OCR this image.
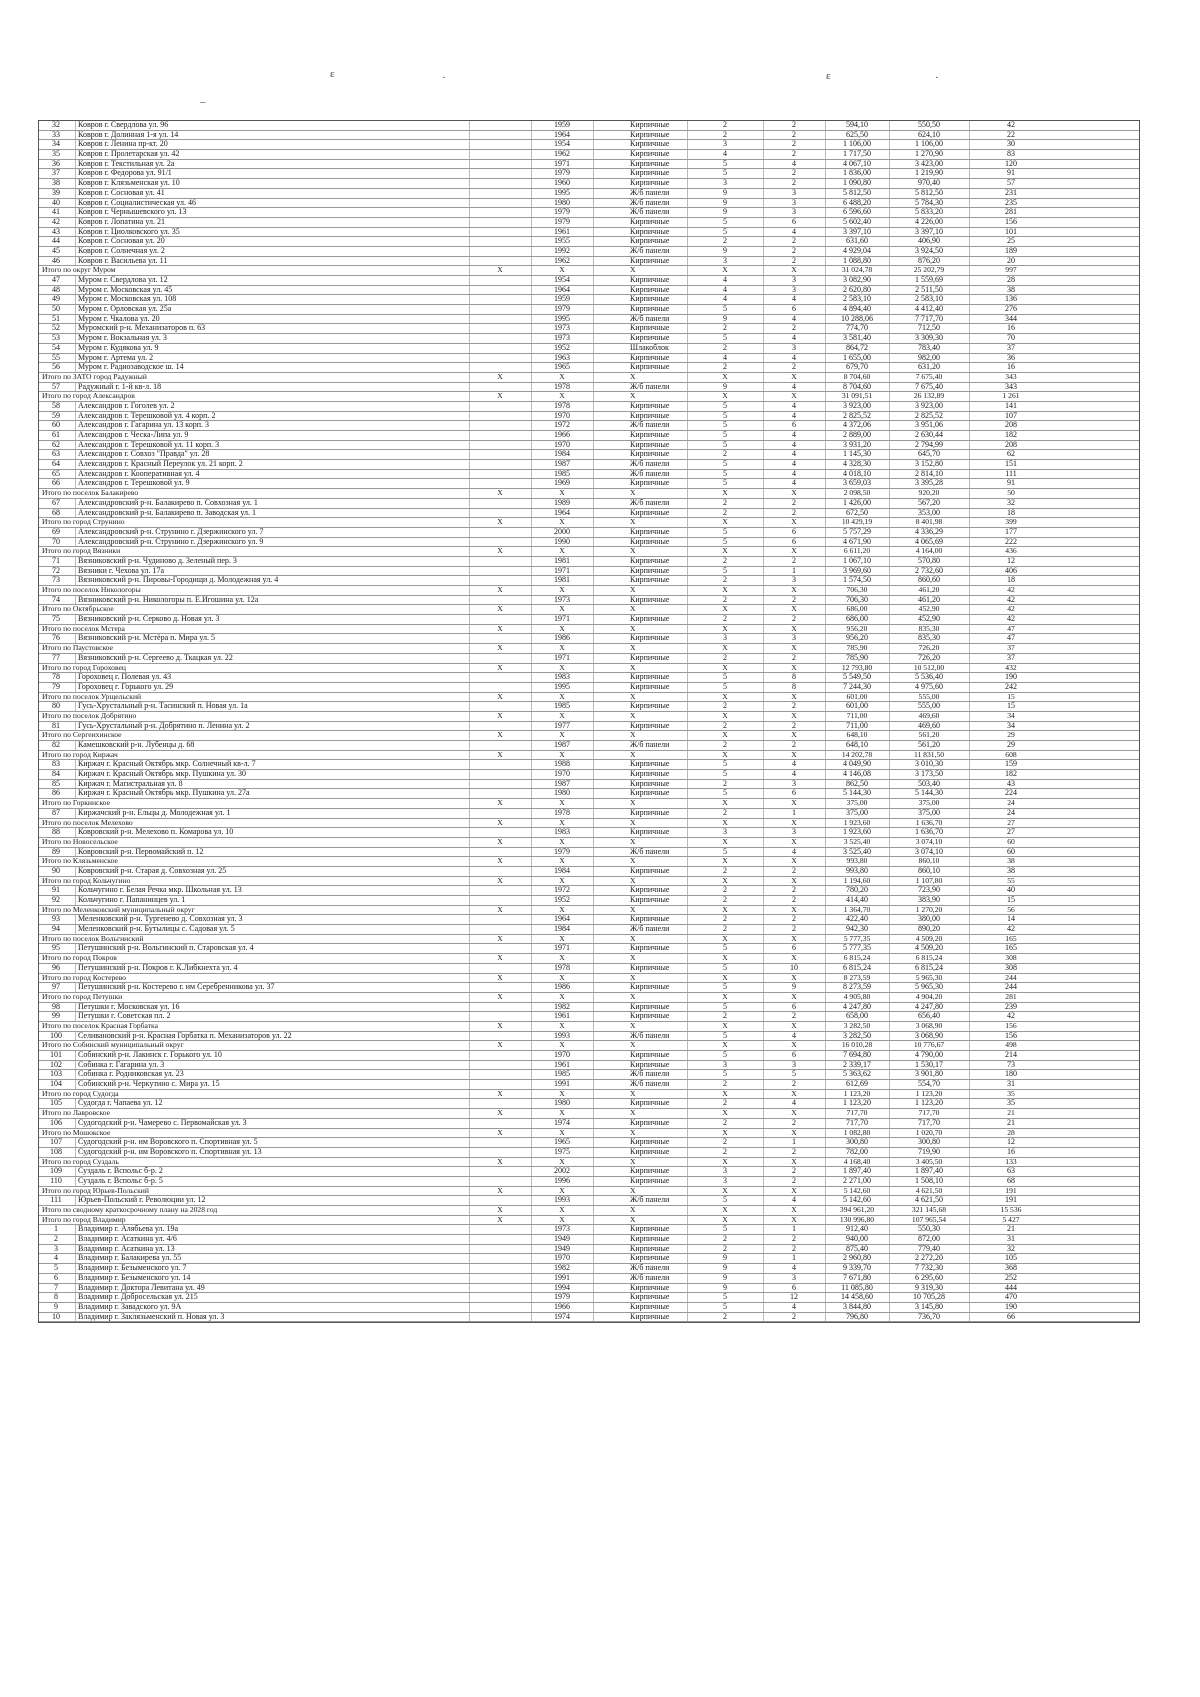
ε	·	ε	·
–
32	Ковров г. Свердлова ул. 96	1959	Кирпичные	2	2	594,10	550,50	42
33	Ковров г. Долинная 1-я ул. 14	1964	Кирпичные	2	2	625,50	624,10	22
34	Ковров г. Ленина пр-кт. 20	1954	Кирпичные	3	2	1 106,00	1 106,00	30
35	Ковров г. Пролетарская ул. 42	1962	Кирпичные	4	2	1 717,50	1 270,90	83
36	Ковров г. Текстильная ул. 2а	1971	Кирпичные	5	4	4 067,10	3 423,00	120
37	Ковров г. Федорова ул. 91/1	1979	Кирпичные	5	2	1 836,00	1 219,90	91
38	Ковров г. Клязьменская ул. 10	1960	Кирпичные	3	2	1 090,80	970,40	57
39	Ковров г. Сосновая ул. 41	1995	Ж/б панели	9	3	5 812,50	5 812,50	231
40	Ковров г. Социалистическая ул. 46	1980	Ж/б панели	9	3	6 488,20	5 784,30	235
41	Ковров г. Чернышевского ул. 13	1979	Ж/б панели	9	3	6 596,60	5 833,20	281
42	Ковров г. Лопатина ул. 21	1979	Кирпичные	5	6	5 602,40	4 226,00	156
43	Ковров г. Циолковского ул. 35	1961	Кирпичные	5	4	3 397,10	3 397,10	101
44	Ковров г. Сосновая ул. 20	1955	Кирпичные	2	2	631,60	406,90	25
45	Ковров г. Солнечная ул. 2	1992	Ж/б панели	9	2	4 929,04	3 924,50	189
46	Ковров г. Васильева ул. 11	1962	Кирпичные	3	2	1 088,80	876,20	20
Итого по округ Муром	X	X	X	X	X	31 024,78	25 202,79	997
47	Муром г. Свердлова ул. 12	1954	Кирпичные	4	3	3 082,90	1 559,69	28
48	Муром г. Московская ул. 45	1964	Кирпичные	4	3	2 620,80	2 511,50	38
49	Муром г. Московская ул. 108	1959	Кирпичные	4	4	2 583,10	2 583,10	136
50	Муром г. Орловская ул. 25а	1979	Кирпичные	5	6	4 894,40	4 412,40	276
51	Муром г. Чкалова ул. 20	1995	Ж/б панели	9	4	10 288,06	7 717,70	344
52	Муромский р-н. Механизаторов п. 63	1973	Кирпичные	2	2	774,70	712,50	16
53	Муром г. Вокзальная ул. 3	1973	Кирпичные	5	4	3 581,40	3 309,30	70
54	Муром г. Кудякова ул. 9	1952	Шлакоблок	2	3	864,72	783,40	37
55	Муром г. Артема ул. 2	1963	Кирпичные	4	4	1 655,00	982,00	36
56	Муром г. Радиозаводское ш. 14	1965	Кирпичные	2	2	679,70	631,20	16
Итого по ЗАТО город Радужный	X	X	X	X	X	8 704,60	7 675,40	343
57	Радужный г. 1-й кв-л. 18	1978	Ж/б панели	9	4	8 704,60	7 675,40	343
Итого по город Александров	X	X	X	X	X	31 091,51	26 132,89	1 261
58	Александров г. Гоголев ул. 2	1978	Кирпичные	5	4	3 923,00	3 923,00	141
59	Александров г. Терешковой ул. 4 корп. 2	1970	Кирпичные	5	4	2 825,52	2 825,52	107
60	Александров г. Гагарина ул. 13 корп. 3	1972	Ж/б панели	5	6	4 372,06	3 951,06	208
61	Александров г. Ческа-Липа ул. 9	1966	Кирпичные	5	4	2 889,00	2 630,44	182
62	Александров г. Терешковой ул. 11 корп. 3	1970	Кирпичные	5	4	3 931,20	2 794,99	208
63	Александров г. Совхоз "Правда" ул. 28	1984	Кирпичные	2	4	1 145,30	645,70	62
64	Александров г. Красный Переулок ул. 21 корп. 2	1987	Ж/б панели	5	4	4 328,30	3 152,80	151
65	Александров г. Кооперативная ул. 4	1985	Ж/б панели	5	4	4 018,10	2 814,10	111
66	Александров г. Терешковой ул. 9	1969	Кирпичные	5	4	3 659,03	3 395,28	91
Итого по поселок Балакирево	X	X	X	X	X	2 098,50	920,20	50
67	Александровский р-н. Балакирево п. Совхозная ул. 1	1989	Ж/б панели	2	2	1 426,00	567,20	32
68	Александровский р-н. Балакирево п. Заводская ул. 1	1964	Кирпичные	2	2	672,50	353,00	18
Итого по город Струнино	X	X	X	X	X	10 429,19	8 401,98	399
69	Александровский р-н. Струнино г. Дзержинского ул. 7	2000	Кирпичные	5	6	5 757,29	4 336,29	177
70	Александровский р-н. Струнино г. Дзержинского ул. 9	1990	Кирпичные	5	6	4 671,90	4 065,69	222
Итого по город Вязники	X	X	X	X	X	6 611,20	4 164,00	436
71	Вязниковский р-н. Чудиново д. Зеленый пер. 3	1981	Кирпичные	2	2	1 067,10	570,80	12
72	Вязники г. Чехова ул. 17а	1971	Кирпичные	5	1	3 969,60	2 732,60	406
73	Вязниковский р-н. Пировы-Городищи д. Молодежная ул. 4	1981	Кирпичные	2	3	1 574,50	860,60	18
Итого по поселок Никологоры	X	X	X	X	X	706,30	461,20	42
74	Вязниковский р-н. Никологоры п. Е.Игошина ул. 12а	1973	Кирпичные	2	2	706,30	461,20	42
Итого по Октябрьское	X	X	X	X	X	686,00	452,90	42
75	Вязниковский р-н. Серково д. Новая ул. 3	1971	Кирпичные	2	2	686,00	452,90	42
Итого по поселок Мстера	X	X	X	X	X	956,20	835,30	47
76	Вязниковский р-н. Мстёра п. Мира ул. 5	1986	Кирпичные	3	3	956,20	835,30	47
Итого по Паустовское	X	X	X	X	X	785,90	726,20	37
77	Вязниковский р-н. Сергеево д. Ткацкая ул. 22	1971	Кирпичные	2	2	785,90	726,20	37
Итого по город Гороховец	X	X	X	X	X	12 793,80	10 512,00	432
78	Гороховец г. Полевая ул. 43	1983	Кирпичные	5	8	5 549,50	5 536,40	190
79	Гороховец г. Горького ул. 29	1995	Кирпичные	5	8	7 244,30	4 975,60	242
Итого по поселок Урщельский	X	X	X	X	X	601,00	555,00	15
80	Гусь-Хрустальный р-н. Тасинский п. Новая ул. 1а	1985	Кирпичные	2	2	601,00	555,00	15
Итого по поселок Добрятино	X	X	X	X	X	711,00	469,60	34
81	Гусь-Хрустальный р-н. Добрятино п. Ленина ул. 2	1977	Кирпичные	2	2	711,00	469,60	34
Итого по Сергеихинское	X	X	X	X	X	648,10	561,20	29
82	Камешковский р-н. Лубенцы д. 68	1987	Ж/б панели	2	2	648,10	561,20	29
Итого по город Киржач	X	X	X	X	X	14 202,78	11 831,50	608
83	Киржач г. Красный Октябрь мкр. Солнечный кв-л. 7	1988	Кирпичные	5	4	4 049,90	3 010,30	159
84	Киржач г. Красный Октябрь мкр. Пушкина ул. 30	1970	Кирпичные	5	4	4 146,08	3 173,50	182
85	Киржач г. Магистральная ул. 8	1987	Кирпичные	2	3	862,50	503,40	43
86	Киржач г. Красный Октябрь мкр. Пушкина ул. 27а	1980	Кирпичные	5	6	5 144,30	5 144,30	224
Итого по Горкинское	X	X	X	X	X	375,00	375,00	24
87	Киржачский р-н. Ельцы д. Молодежная ул. 1	1978	Кирпичные	2	1	375,00	375,00	24
Итого по поселок Мелехово	X	X	X	X	X	1 923,60	1 636,70	27
88	Ковровский р-н. Мелехово п. Комарова ул. 10	1983	Кирпичные	3	3	1 923,60	1 636,70	27
Итого по Новосельское	X	X	X	X	X	3 525,40	3 074,10	60
89	Ковровский р-н. Первомайский п. 12	1979	Ж/б панели	5	4	3 525,40	3 074,10	60
Итого по Клязьменское	X	X	X	X	X	993,80	860,10	38
90	Ковровский р-н. Старая д. Совхозная ул. 25	1984	Кирпичные	2	2	993,80	860,10	38
Итого по город Кольчугино	X	X	X	X	X	1 194,60	1 107,80	55
91	Кольчугино г. Белая Речка мкр. Школьная ул. 13	1972	Кирпичные	2	2	780,20	723,90	40
92	Кольчугино г. Папанинцев ул. 1	1952	Кирпичные	2	2	414,40	383,90	15
Итого по Меленковский муниципальный округ	X	X	X	X	X	1 364,70	1 270,20	56
93	Меленковский р-н. Тургенево д. Совхозная ул. 3	1964	Кирпичные	2	2	422,40	380,00	14
94	Меленковский р-н. Бутылицы с. Садовая ул. 5	1984	Ж/б панели	2	2	942,30	890,20	42
Итого по поселок Вольгинский	X	X	X	X	X	5 777,35	4 509,20	165
95	Петушинский р-н. Вольгинский п. Старовская ул. 4	1971	Кирпичные	5	6	5 777,35	4 509,20	165
Итого по город Покров	X	X	X	X	X	6 815,24	6 815,24	308
96	Петушинский р-н. Покров г. К.Либкнехта ул. 4	1978	Кирпичные	5	10	6 815,24	6 815,24	308
Итого по город Костерево	X	X	X	X	X	8 273,59	5 965,30	244
97	Петушинский р-н. Костерево г. им Серебренникова ул. 37	1986	Кирпичные	5	9	8 273,59	5 965,30	244
Итого по город Петушки	X	X	X	X	X	4 905,80	4 904,20	281
98	Петушки г. Московская ул. 16	1982	Кирпичные	5	6	4 247,80	4 247,80	239
99	Петушки г. Советская пл. 2	1961	Кирпичные	2	2	658,00	656,40	42
Итого по поселок Красная Горбатка	X	X	X	X	X	3 282,50	3 068,90	156
100	Селивановский р-н. Красная Горбатка п. Механизаторов ул. 22	1993	Ж/б панели	5	4	3 282,50	3 068,90	156
Итого по Собинский муниципальный округ	X	X	X	X	X	16 010,28	10 776,67	498
101	Собинский р-н. Лакинск г. Горького ул. 10	1970	Кирпичные	5	6	7 694,80	4 790,00	214
102	Собинка г. Гагарина ул. 3	1961	Кирпичные	3	3	2 339,17	1 530,17	73
103	Собинка г. Родниковская ул. 23	1985	Ж/б панели	5	5	5 363,62	3 901,80	180
104	Собинский р-н. Черкутино с. Мира ул. 15	1991	Ж/б панели	2	2	612,69	554,70	31
Итого по город Судогда	X	X	X	X	X	1 123,20	1 123,20	35
105	Судогда г. Чапаева ул. 12	1980	Кирпичные	2	4	1 123,20	1 123,20	35
Итого по Лавровское	X	X	X	X	X	717,70	717,70	21
106	Судогодский р-н. Чамерево с. Первомайская ул. 3	1974	Кирпичные	2	2	717,70	717,70	21
Итого по Мошокское	X	X	X	X	X	1 082,80	1 020,70	28
107	Судогодский р-н. им Воровского п. Спортивная ул. 5	1965	Кирпичные	2	1	300,80	300,80	12
108	Судогодский р-н. им Воровского п. Спортивная ул. 13	1975	Кирпичные	2	2	782,00	719,90	16
Итого по город Суздаль	X	X	X	X	X	4 168,40	3 405,50	133
109	Суздаль г. Вспольс б-р. 2	2002	Кирпичные	3	2	1 897,40	1 897,40	63
110	Суздаль г. Вспольс б-р. 5	1996	Кирпичные	3	2	2 271,00	1 508,10	68
Итого по город Юрьев-Польский	X	X	X	X	X	5 142,60	4 621,50	191
111	Юрьев-Польский г. Революции ул. 12	1993	Ж/б панели	5	4	5 142,60	4 621,50	191
Итого по сводному краткосрочному плану на 2028 год	X	X	X	X	X	394 961,20	321 145,68	15 536
Итого по город Владимир	X	X	X	X	X	130 996,80	107 965,54	5 427
1	Владимир г. Алябьева ул. 19а	1973	Кирпичные	5	1	912,40	550,30	21
2	Владимир г. Асаткина ул. 4/6	1949	Кирпичные	2	2	940,00	872,00	31
3	Владимир г. Асаткина ул. 13	1949	Кирпичные	2	2	875,40	779,40	32
4	Владимир г. Балакирева ул. 55	1970	Кирпичные	9	1	2 960,80	2 272,20	105
5	Владимир г. Безыменского ул. 7	1982	Ж/б панели	9	4	9 339,70	7 732,30	368
6	Владимир г. Безыменского ул. 14	1991	Ж/б панели	9	3	7 671,80	6 295,60	252
7	Владимир г. Доктора Левитана ул. 49	1994	Кирпичные	9	6	11 085,80	9 319,30	444
8	Владимир г. Добросельская ул. 215	1979	Кирпичные	5	12	14 458,60	10 705,28	470
9	Владимир г. Завадского ул. 9А	1966	Кирпичные	5	4	3 844,80	3 145,80	190
10	Владимир г. Заклязьменский п. Новая ул. 3	1974	Кирпичные	2	2	796,80	736,70	66
